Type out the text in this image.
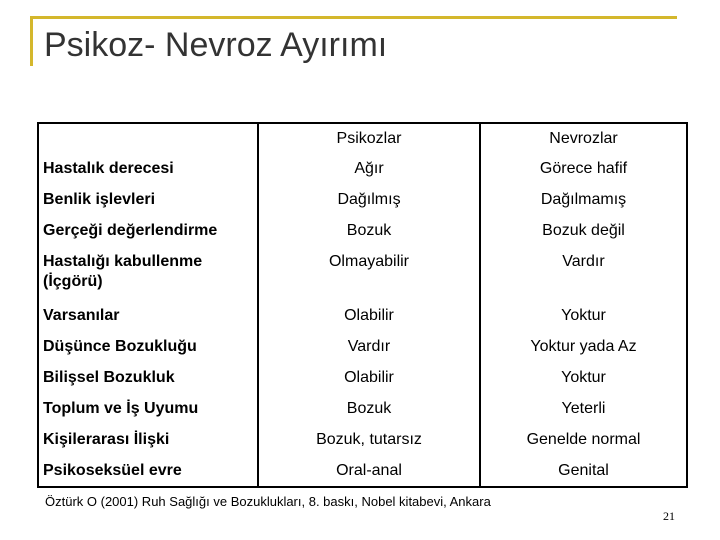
Psikoz- Nevroz Ayırımı
	Psikozlar	Nevrozlar
Hastalık derecesi	Ağır	Görece hafif
Benlik işlevleri	Dağılmış	Dağılmamış
Gerçeği değerlendirme	Bozuk	Bozuk değil
Hastalığı kabullenme (İçgörü)	Olmayabilir	Vardır
Varsanılar	Olabilir	Yoktur
Düşünce Bozukluğu	Vardır	Yoktur yada Az
Bilişsel Bozukluk	Olabilir	Yoktur
Toplum ve İş Uyumu	Bozuk	Yeterli
Kişilerarası İlişki	Bozuk, tutarsız	Genelde normal
Psikoseksüel evre	Oral-anal	Genital
Öztürk O (2001) Ruh Sağlığı ve Bozuklukları, 8. baskı, Nobel kitabevi, Ankara
21
